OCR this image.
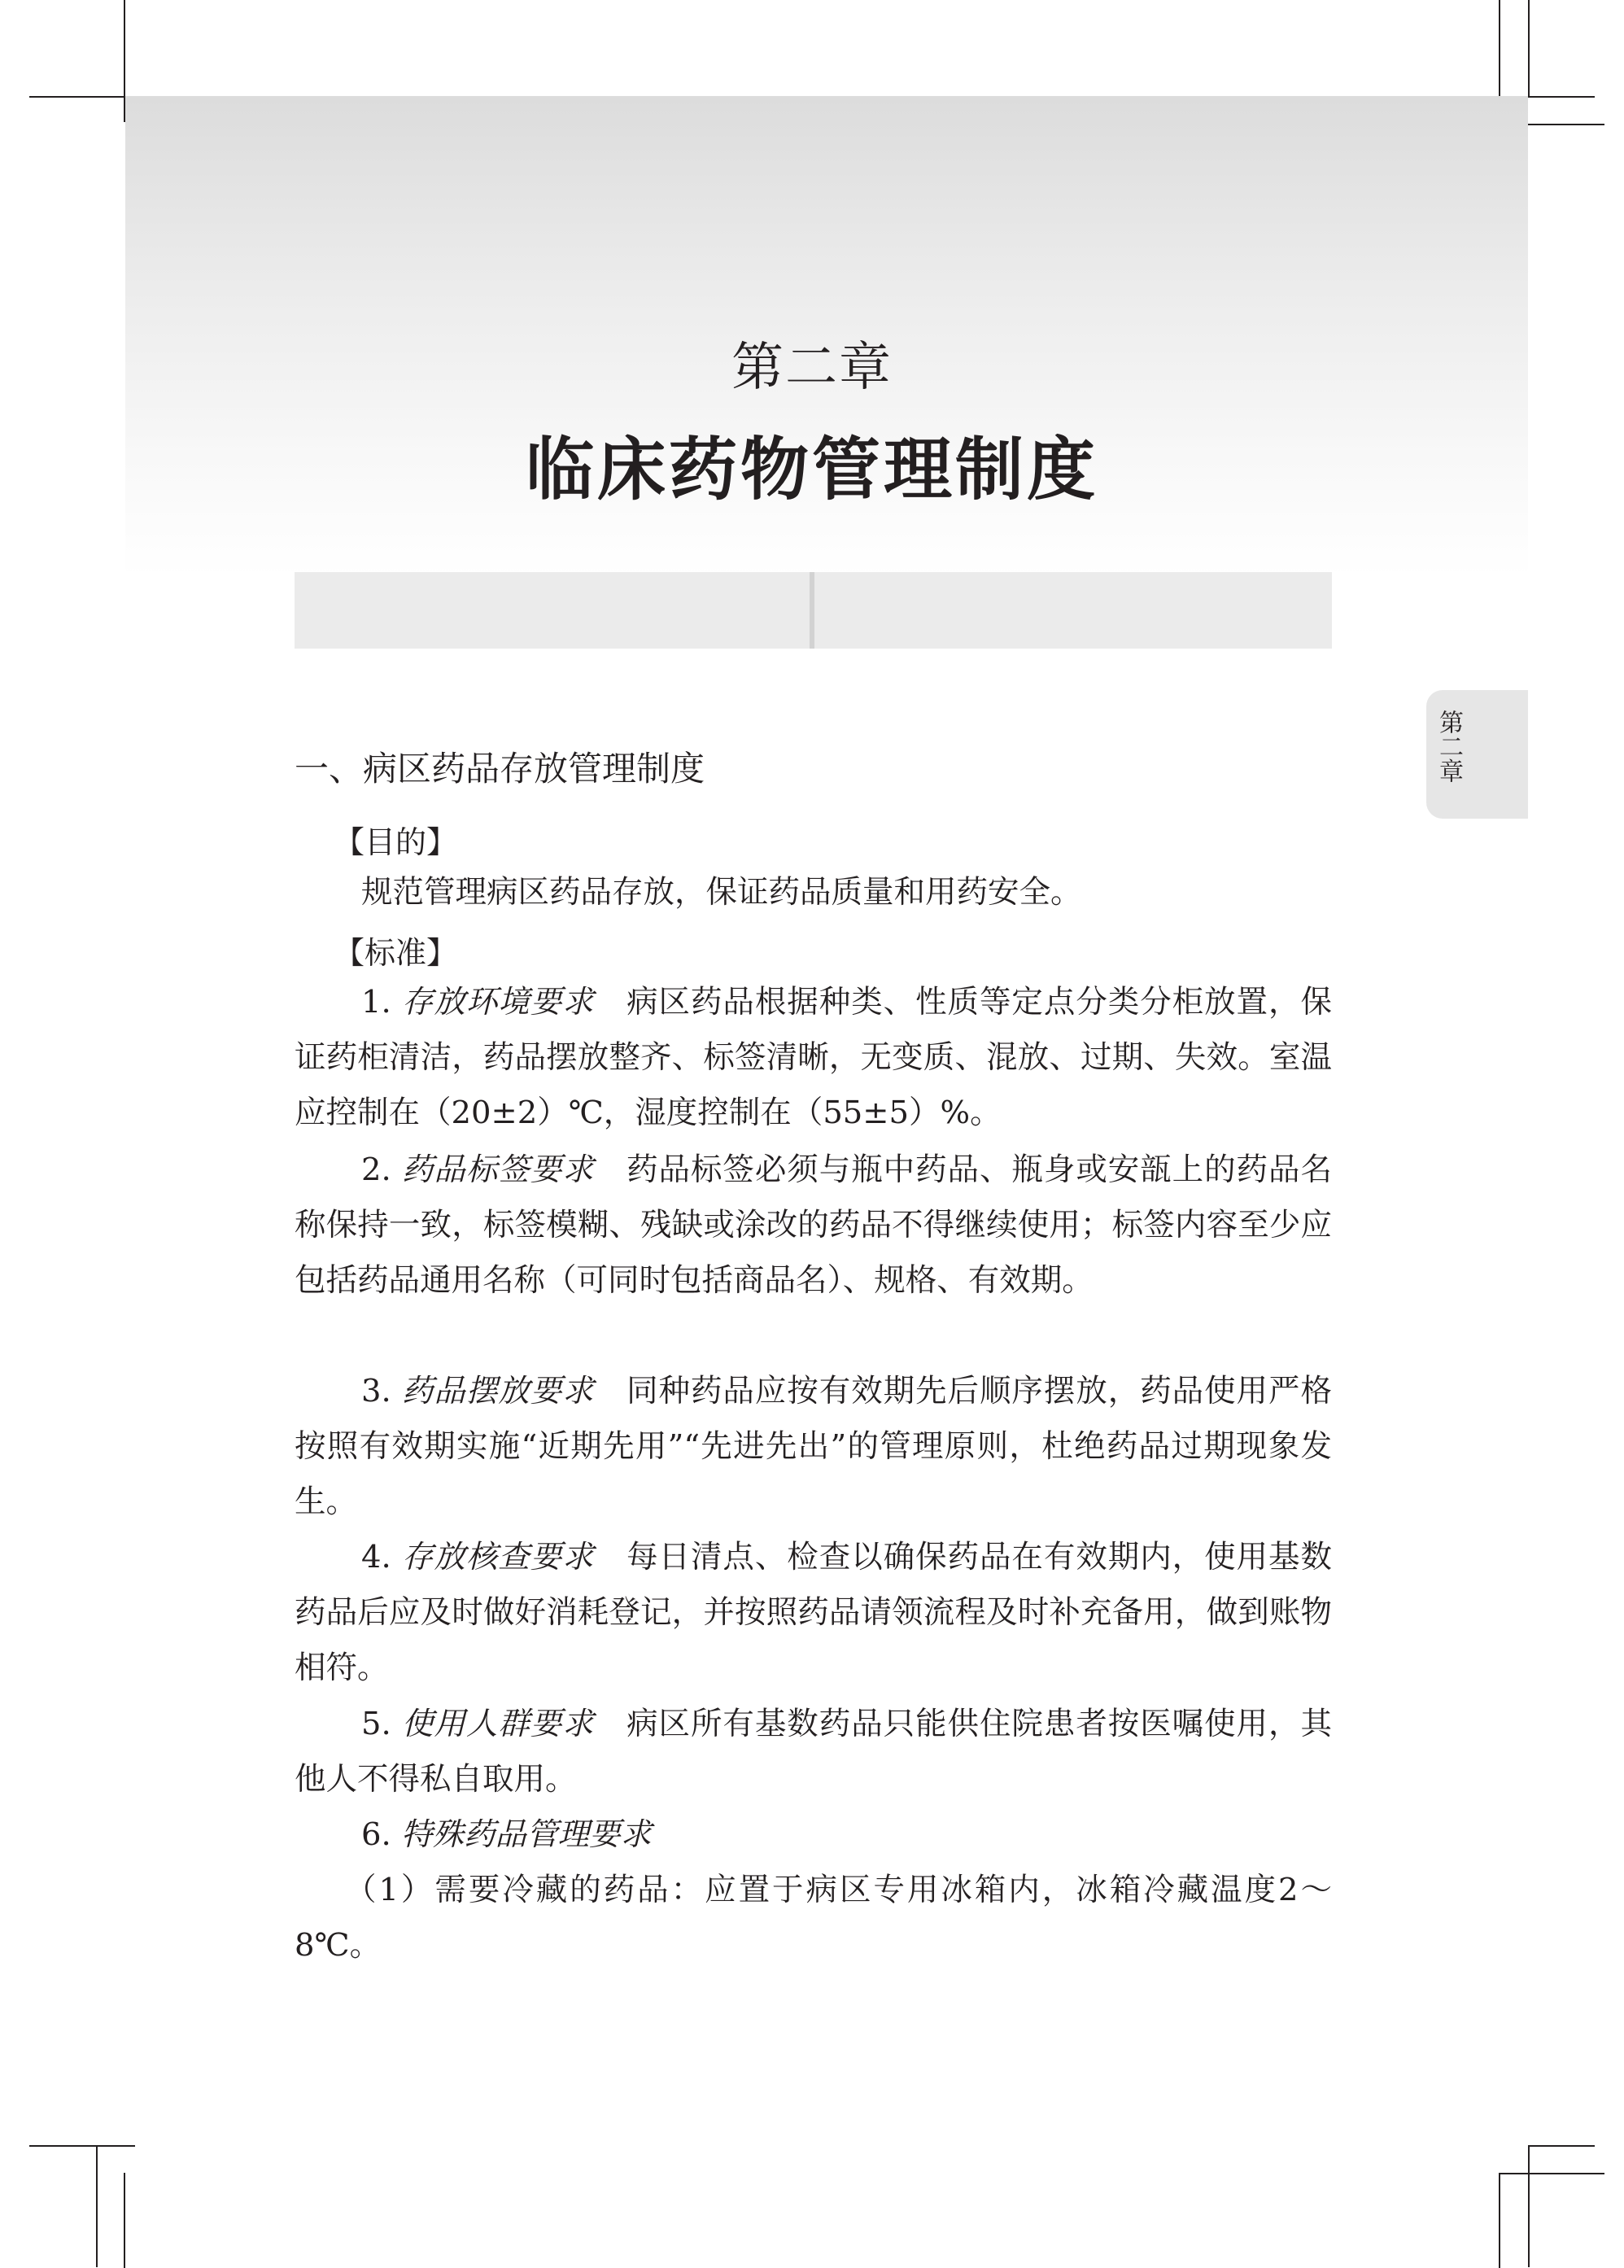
第二章
临床药物管理制度
第二章
一、病区药品存放管理制度
【目的】

规范管理病区药品存放，保证药品质量和用药安全。

【标准】

1. 存放环境要求　 病区药品根据种类、性质等定点分类分柜放置，保证药柜清洁，药品摆放整齐、标签清晰，无变质、混放、过期、失效。室温应控制在（20±2）℃，湿度控制在（55±5）%。

2. 药品标签要求　 药品标签必须与瓶中药品、瓶身或安瓿上的药品名称保持一致，标签模糊、残缺或涂改的药品不得继续使用；标签内容至少应包括药品通用名称（可同时包括商品名）、规格、有效期。

3. 药品摆放要求　 同种药品应按有效期先后顺序摆放，药品使用严格按照有效期实施“近期先用”“先进先出”的管理原则，杜绝药品过期现象发生。

4. 存放核查要求　 每日清点、检查以确保药品在有效期内，使用基数药品后应及时做好消耗登记，并按照药品请领流程及时补充备用，做到账物相符。

5. 使用人群要求　 病区所有基数药品只能供住院患者按医嘱使用，其他人不得私自取用。

6. 特殊药品管理要求

（1）需要冷藏的药品：应置于病区专用冰箱内，冰箱冷藏温度2～8℃。
